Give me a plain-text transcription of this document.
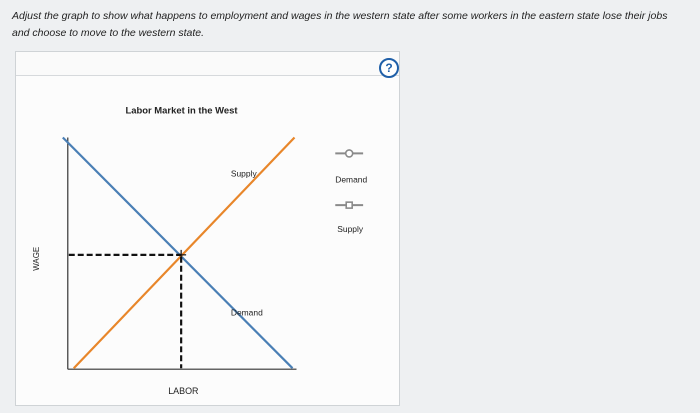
Adjust the graph to show what happens to employment and wages in the western state after some workers in the eastern state lose their jobs and choose to move to the western state.

?
Labor Market in the West
WAGE
LABOR
Supply
Demand
Demand
Supply
